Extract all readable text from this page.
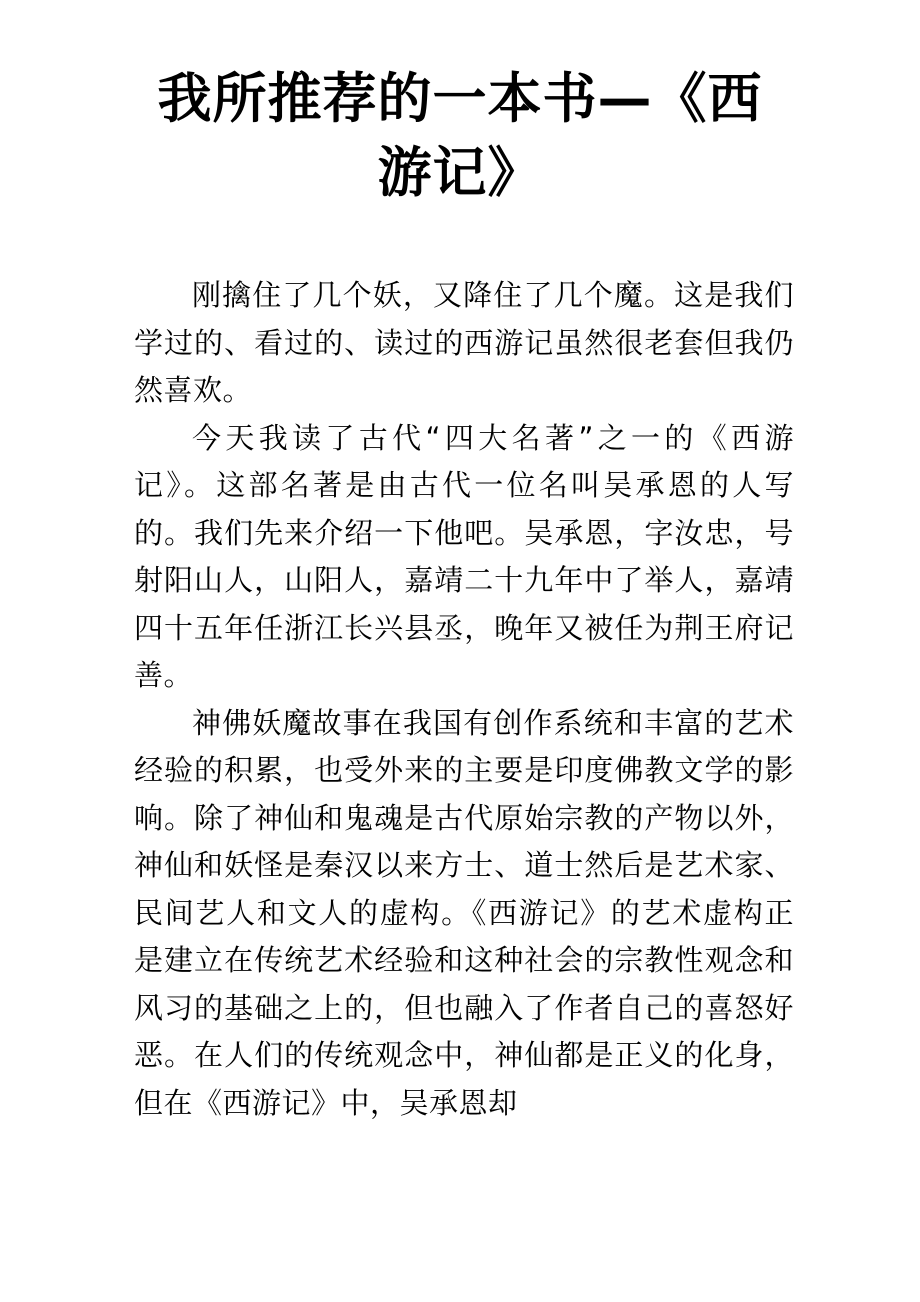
我所推荐的一本书—《西游记》

刚擒住了几个妖，又降住了几个魔。这是我们学过的、看过的、读过的西游记虽然很老套但我仍然喜欢。

今天我读了古代“四大名著”之一的《西游记》。这部名著是由古代一位名叫吴承恩的人写的。我们先来介绍一下他吧。吴承恩，字汝忠，号射阳山人，山阳人，嘉靖二十九年中了举人，嘉靖四十五年任浙江长兴县丞，晚年又被任为荆王府记善。

神佛妖魔故事在我国有创作系统和丰富的艺术经验的积累，也受外来的主要是印度佛教文学的影响。除了神仙和鬼魂是古代原始宗教的产物以外，神仙和妖怪是秦汉以来方士、道士然后是艺术家、民间艺人和文人的虚构。《西游记》的艺术虚构正是建立在传统艺术经验和这种社会的宗教性观念和风习的基础之上的，但也融入了作者自己的喜怒好恶。在人们的传统观念中，神仙都是正义的化身，但在《西游记》中，吴承恩却
